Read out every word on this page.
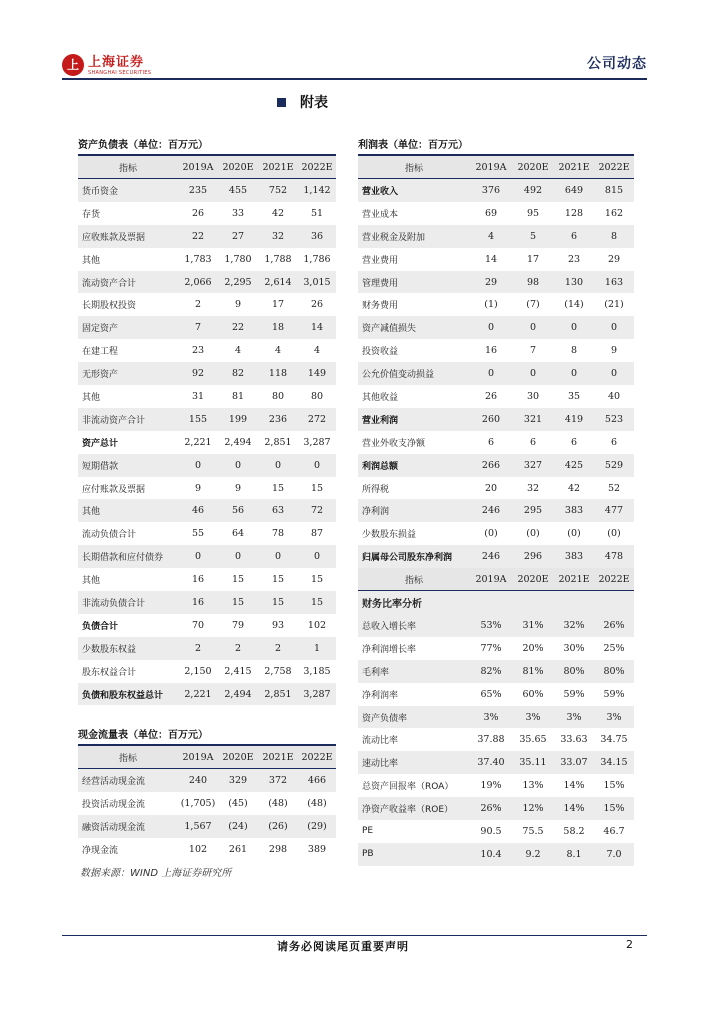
上 上海证券
SHANGHAI SECURITIES
公司动态
附表
资产负债表（单位：百万元）
指标	2019A	2020E	2021E	2022E
货币资金	235	455	752	1,142
存货	26	33	42	51
应收账款及票据	22	27	32	36
其他	1,783	1,780	1,788	1,786
流动资产合计	2,066	2,295	2,614	3,015
长期股权投资	2	9	17	26
固定资产	7	22	18	14
在建工程	23	4	4	4
无形资产	92	82	118	149
其他	31	81	80	80
非流动资产合计	155	199	236	272
资产总计	2,221	2,494	2,851	3,287
短期借款	0	0	0	0
应付账款及票据	9	9	15	15
其他	46	56	63	72
流动负债合计	55	64	78	87
长期借款和应付债券	0	0	0	0
其他	16	15	15	15
非流动负债合计	16	15	15	15
负债合计	70	79	93	102
少数股东权益	2	2	2	1
股东权益合计	2,150	2,415	2,758	3,185
负债和股东权益总计	2,221	2,494	2,851	3,287
现金流量表（单位：百万元）
指标	2019A	2020E	2021E	2022E
经营活动现金流	240	329	372	466
投资活动现金流	(1,705)	(45)	(48)	(48)
融资活动现金流	1,567	(24)	(26)	(29)
净现金流	102	261	298	389
利润表（单位：百万元）
指标	2019A	2020E	2021E	2022E
营业收入	376	492	649	815
营业成本	69	95	128	162
营业税金及附加	4	5	6	8
营业费用	14	17	23	29
管理费用	29	98	130	163
财务费用	(1)	(7)	(14)	(21)
资产减值损失	0	0	0	0
投资收益	16	7	8	9
公允价值变动损益	0	0	0	0
其他收益	26	30	35	40
营业利润	260	321	419	523
营业外收支净额	6	6	6	6
利润总额	266	327	425	529
所得税	20	32	42	52
净利润	246	295	383	477
少数股东损益	(0)	(0)	(0)	(0)
归属母公司股东净利润	246	296	383	478
财务比率分析				
指标	2019A	2020E	2021E	2022E
总收入增长率	53%	31%	32%	26%
净利润增长率	77%	20%	30%	25%
毛利率	82%	81%	80%	80%
净利润率	65%	60%	59%	59%
资产负债率	3%	3%	3%	3%
流动比率	37.88	35.65	33.63	34.75
速动比率	37.40	35.11	33.07	34.15
总资产回报率（ROA）	19%	13%	14%	15%
净资产收益率（ROE）	26%	12%	14%	15%
PE	90.5	75.5	58.2	46.7
PB	10.4	9.2	8.1	7.0
数据来源：WIND 上海证券研究所
请务必阅读尾页重要声明	2
